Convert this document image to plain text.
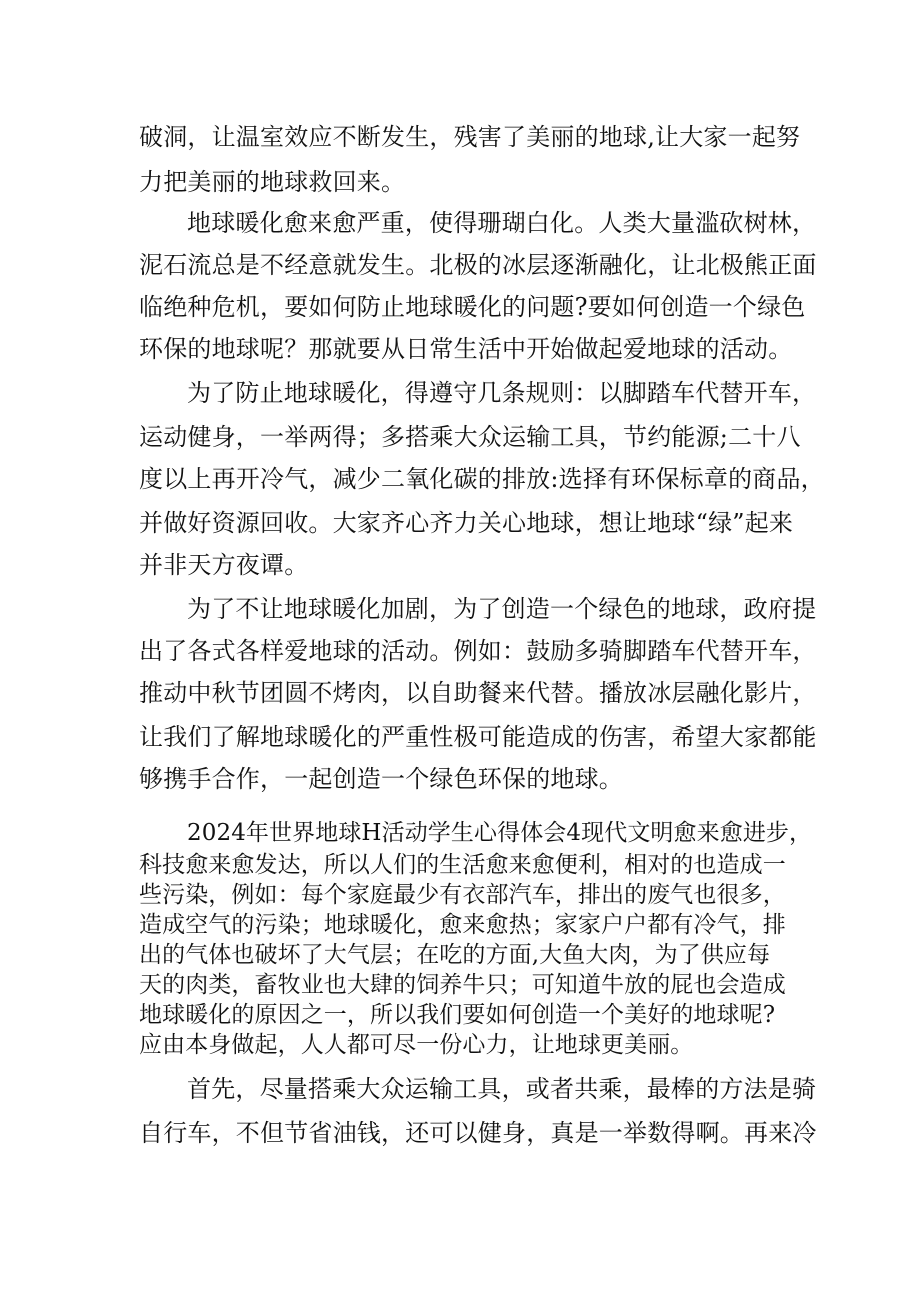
破洞，让温室效应不断发生，残害了美丽的地球,让大家一起努
力把美丽的地球救回来。
地球暖化愈来愈严重，使得珊瑚白化。人类大量滥砍树林，
泥石流总是不经意就发生。北极的冰层逐渐融化，让北极熊正面
临绝种危机，要如何防止地球暖化的问题?要如何创造一个绿色
环保的地球呢？那就要从日常生活中开始做起爱地球的活动。
为了防止地球暖化，得遵守几条规则：以脚踏车代替开车，
运动健身，一举两得；多搭乘大众运输工具，节约能源;二十八
度以上再开冷气，减少二氧化碳的排放:选择有环保标章的商品，
并做好资源回收。大家齐心齐力关心地球，想让地球“绿”起来
并非天方夜谭。
为了不让地球暖化加剧，为了创造一个绿色的地球，政府提
出了各式各样爱地球的活动。例如：鼓励多骑脚踏车代替开车，
推动中秋节团圆不烤肉，以自助餐来代替。播放冰层融化影片，
让我们了解地球暖化的严重性极可能造成的伤害，希望大家都能
够携手合作，一起创造一个绿色环保的地球。
2024年世界地球H活动学生心得体会4现代文明愈来愈进步，
科技愈来愈发达，所以人们的生活愈来愈便利，相对的也造成一
些污染，例如：每个家庭最少有衣部汽车，排出的废气也很多，
造成空气的污染；地球暖化，愈来愈热；家家户户都有冷气，排
出的气体也破坏了大气层；在吃的方面,大鱼大肉，为了供应每
天的肉类，畜牧业也大肆的饲养牛只；可知道牛放的屁也会造成
地球暖化的原因之一，所以我们要如何创造一个美好的地球呢?
应由本身做起，人人都可尽一份心力，让地球更美丽。
首先，尽量搭乘大众运输工具，或者共乘，最棒的方法是骑
自行车，不但节省油钱，还可以健身，真是一举数得啊。再来冷
